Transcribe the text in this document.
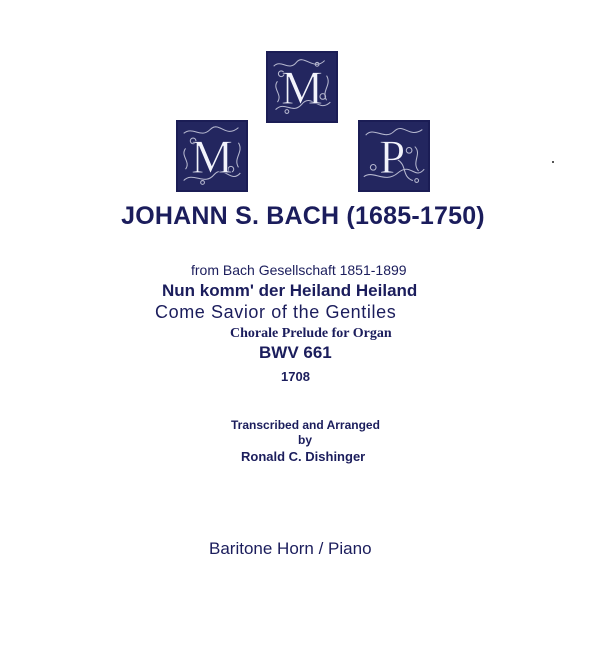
M
M	P
JOHANN S. BACH (1685-1750)
from Bach Gesellschaft 1851-1899
Nun komm' der Heiland Heiland
Come Savior of the Gentiles
Chorale Prelude for Organ
BWV 661
1708
Transcribed and Arranged
by
Ronald C. Dishinger
Baritone Horn / Piano
